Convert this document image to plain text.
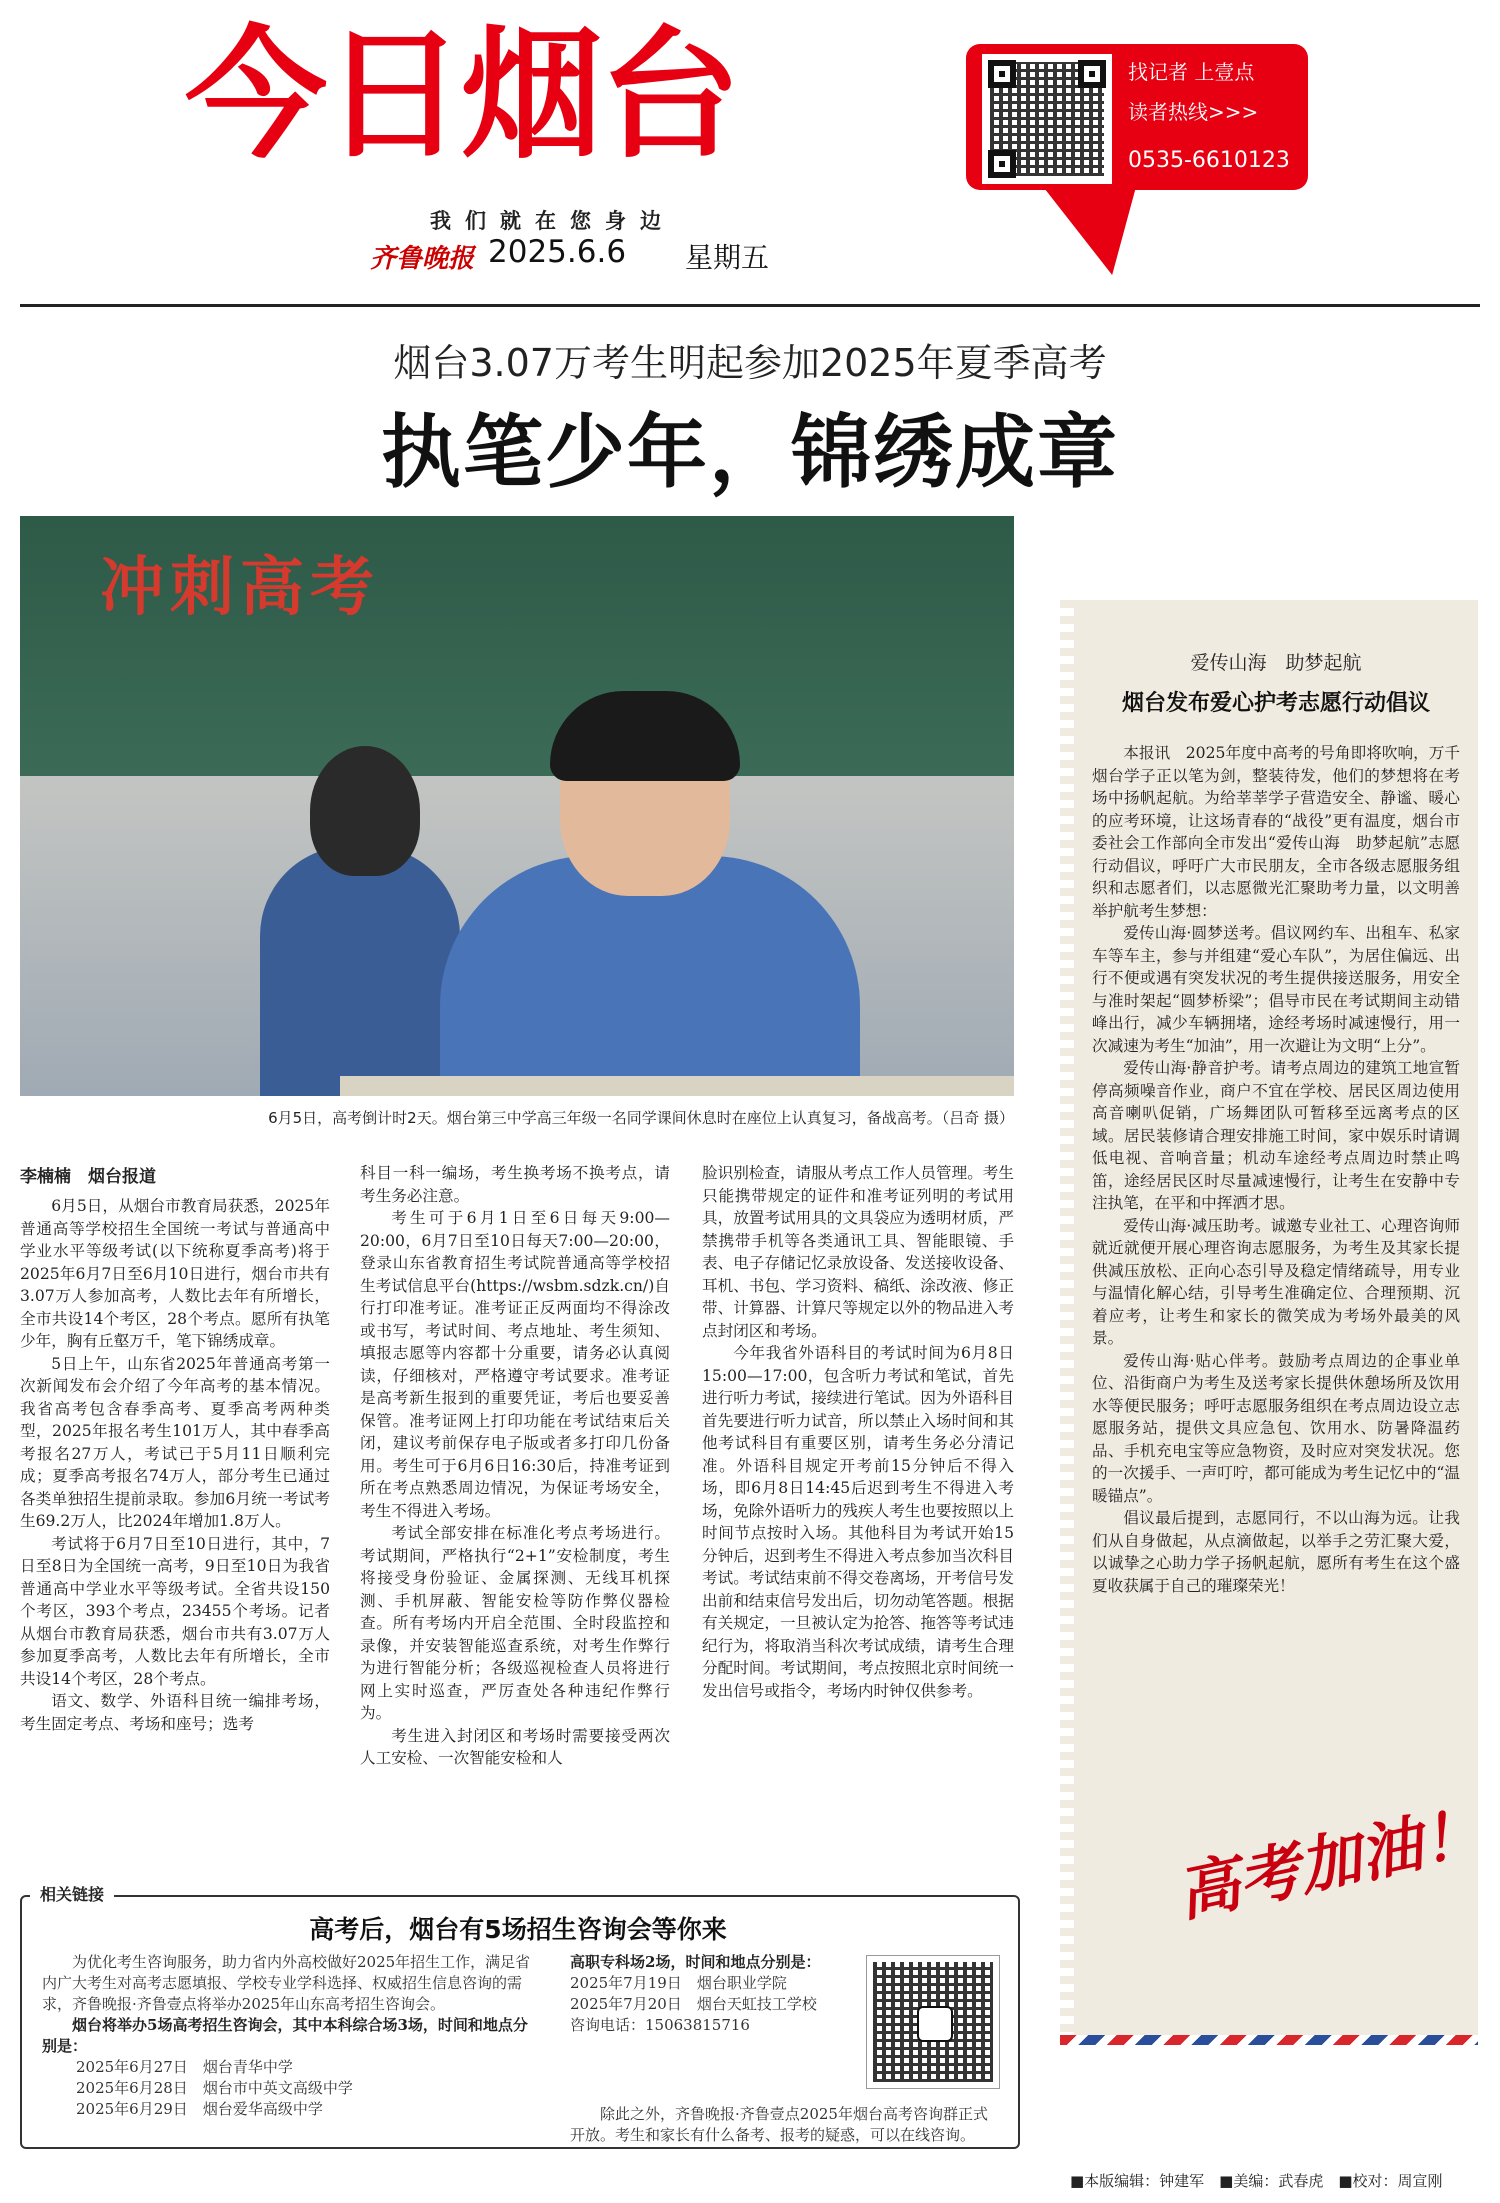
今日烟台
我们就在您身边
齐鲁晚报 2025.6.6 星期五
找记者 上壹点
读者热线>>>
0535-6610123
烟台3.07万考生明起参加2025年夏季高考
执笔少年，锦绣成章
冲刺高考
6月5日，高考倒计时2天。烟台第三中学高三年级一名同学课间休息时在座位上认真复习，备战高考。（吕奇 摄）
李楠楠　烟台报道

6月5日，从烟台市教育局获悉，2025年普通高等学校招生全国统一考试与普通高中学业水平等级考试(以下统称夏季高考)将于2025年6月7日至6月10日进行，烟台市共有3.07万人参加高考，人数比去年有所增长，全市共设14个考区，28个考点。愿所有执笔少年，胸有丘壑万千，笔下锦绣成章。

5日上午，山东省2025年普通高考第一次新闻发布会介绍了今年高考的基本情况。我省高考包含春季高考、夏季高考两种类型，2025年报名考生101万人，其中春季高考报名27万人，考试已于5月11日顺利完成；夏季高考报名74万人，部分考生已通过各类单独招生提前录取。参加6月统一考试考生69.2万人，比2024年增加1.8万人。

考试将于6月7日至10日进行，其中，7日至8日为全国统一高考，9日至10日为我省普通高中学业水平等级考试。全省共设150个考区，393个考点，23455个考场。记者从烟台市教育局获悉，烟台市共有3.07万人参加夏季高考，人数比去年有所增长，全市共设14个考区，28个考点。

语文、数学、外语科目统一编排考场，考生固定考点、考场和座号；选考

科目一科一编场，考生换考场不换考点，请考生务必注意。

考生可于6月1日至6日每天9:00—20:00，6月7日至10日每天7:00—20:00，登录山东省教育招生考试院普通高等学校招生考试信息平台(https://wsbm.sdzk.cn/)自行打印准考证。准考证正反两面均不得涂改或书写，考试时间、考点地址、考生须知、填报志愿等内容都十分重要，请务必认真阅读，仔细核对，严格遵守考试要求。准考证是高考新生报到的重要凭证，考后也要妥善保管。准考证网上打印功能在考试结束后关闭，建议考前保存电子版或者多打印几份备用。考生可于6月6日16:30后，持准考证到所在考点熟悉周边情况，为保证考场安全，考生不得进入考场。

考试全部安排在标准化考点考场进行。考试期间，严格执行“2+1”安检制度，考生将接受身份验证、金属探测、无线耳机探测、手机屏蔽、智能安检等防作弊仪器检查。所有考场内开启全范围、全时段监控和录像，并安装智能巡查系统，对考生作弊行为进行智能分析；各级巡视检查人员将进行网上实时巡查，严厉查处各种违纪作弊行为。

考生进入封闭区和考场时需要接受两次人工安检、一次智能安检和人

脸识别检查，请服从考点工作人员管理。考生只能携带规定的证件和准考证列明的考试用具，放置考试用具的文具袋应为透明材质，严禁携带手机等各类通讯工具、智能眼镜、手表、电子存储记忆录放设备、发送接收设备、耳机、书包、学习资料、稿纸、涂改液、修正带、计算器、计算尺等规定以外的物品进入考点封闭区和考场。

今年我省外语科目的考试时间为6月8日15:00—17:00，包含听力考试和笔试，首先进行听力考试，接续进行笔试。因为外语科目首先要进行听力试音，所以禁止入场时间和其他考试科目有重要区别，请考生务必分清记准。外语科目规定开考前15分钟后不得入场，即6月8日14:45后迟到考生不得进入考场，免除外语听力的残疾人考生也要按照以上时间节点按时入场。其他科目为考试开始15分钟后，迟到考生不得进入考点参加当次科目考试。考试结束前不得交卷离场，开考信号发出前和结束信号发出后，切勿动笔答题。根据有关规定，一旦被认定为抢答、拖答等考试违纪行为，将取消当科次考试成绩，请考生合理分配时间。考试期间，考点按照北京时间统一发出信号或指令，考场内时钟仅供参考。

爱传山海　助梦起航
烟台发布爱心护考志愿行动倡议

本报讯　2025年度中高考的号角即将吹响，万千烟台学子正以笔为剑，整装待发，他们的梦想将在考场中扬帆起航。为给莘莘学子营造安全、静谧、暖心的应考环境，让这场青春的“战役”更有温度，烟台市委社会工作部向全市发出“爱传山海　助梦起航”志愿行动倡议，呼吁广大市民朋友，全市各级志愿服务组织和志愿者们，以志愿微光汇聚助考力量，以文明善举护航考生梦想：

爱传山海·圆梦送考。倡议网约车、出租车、私家车等车主，参与并组建“爱心车队”，为居住偏远、出行不便或遇有突发状况的考生提供接送服务，用安全与准时架起“圆梦桥梁”；倡导市民在考试期间主动错峰出行，减少车辆拥堵，途经考场时减速慢行，用一次减速为考生“加油”，用一次避让为文明“上分”。

爱传山海·静音护考。请考点周边的建筑工地宣暂停高频噪音作业，商户不宜在学校、居民区周边使用高音喇叭促销，广场舞团队可暂移至远离考点的区域。居民装修请合理安排施工时间，家中娱乐时请调低电视、音响音量；机动车途经考点周边时禁止鸣笛，途经居民区时尽量减速慢行，让考生在安静中专注执笔，在平和中挥洒才思。

爱传山海·减压助考。诚邀专业社工、心理咨询师就近就便开展心理咨询志愿服务，为考生及其家长提供减压放松、正向心态引导及稳定情绪疏导，用专业与温情化解心结，引导考生准确定位、合理预期、沉着应考，让考生和家长的微笑成为考场外最美的风景。

爱传山海·贴心伴考。鼓励考点周边的企事业单位、沿街商户为考生及送考家长提供休憩场所及饮用水等便民服务；呼吁志愿服务组织在考点周边设立志愿服务站，提供文具应急包、饮用水、防暑降温药品、手机充电宝等应急物资，及时应对突发状况。您的一次援手、一声叮咛，都可能成为考生记忆中的“温暖锚点”。

倡议最后提到，志愿同行，不以山海为远。让我们从自身做起，从点滴做起，以举手之劳汇聚大爱，以诚挚之心助力学子扬帆起航，愿所有考生在这个盛夏收获属于自己的璀璨荣光！

高考加油！
相关链接
高考后，烟台有5场招生咨询会等你来

为优化考生咨询服务，助力省内外高校做好2025年招生工作，满足省内广大考生对高考志愿填报、学校专业学科选择、权威招生信息咨询的需求，齐鲁晚报·齐鲁壹点将举办2025年山东高考招生咨询会。

烟台将举办5场高考招生咨询会，其中本科综合场3场，时间和地点分别是：

2025年6月27日　 烟台青华中学

2025年6月28日　 烟台市中英文高级中学

2025年6月29日　 烟台爱华高级中学

高职专科场2场，时间和地点分别是：

2025年7月19日　 烟台职业学院

2025年7月20日　 烟台天虹技工学校

咨询电话：15063815716

除此之外，齐鲁晚报·齐鲁壹点2025年烟台高考咨询群正式开放。考生和家长有什么备考、报考的疑惑，可以在线咨询。

■本版编辑：钟建军　■美编：武春虎　■校对：周宣刚
